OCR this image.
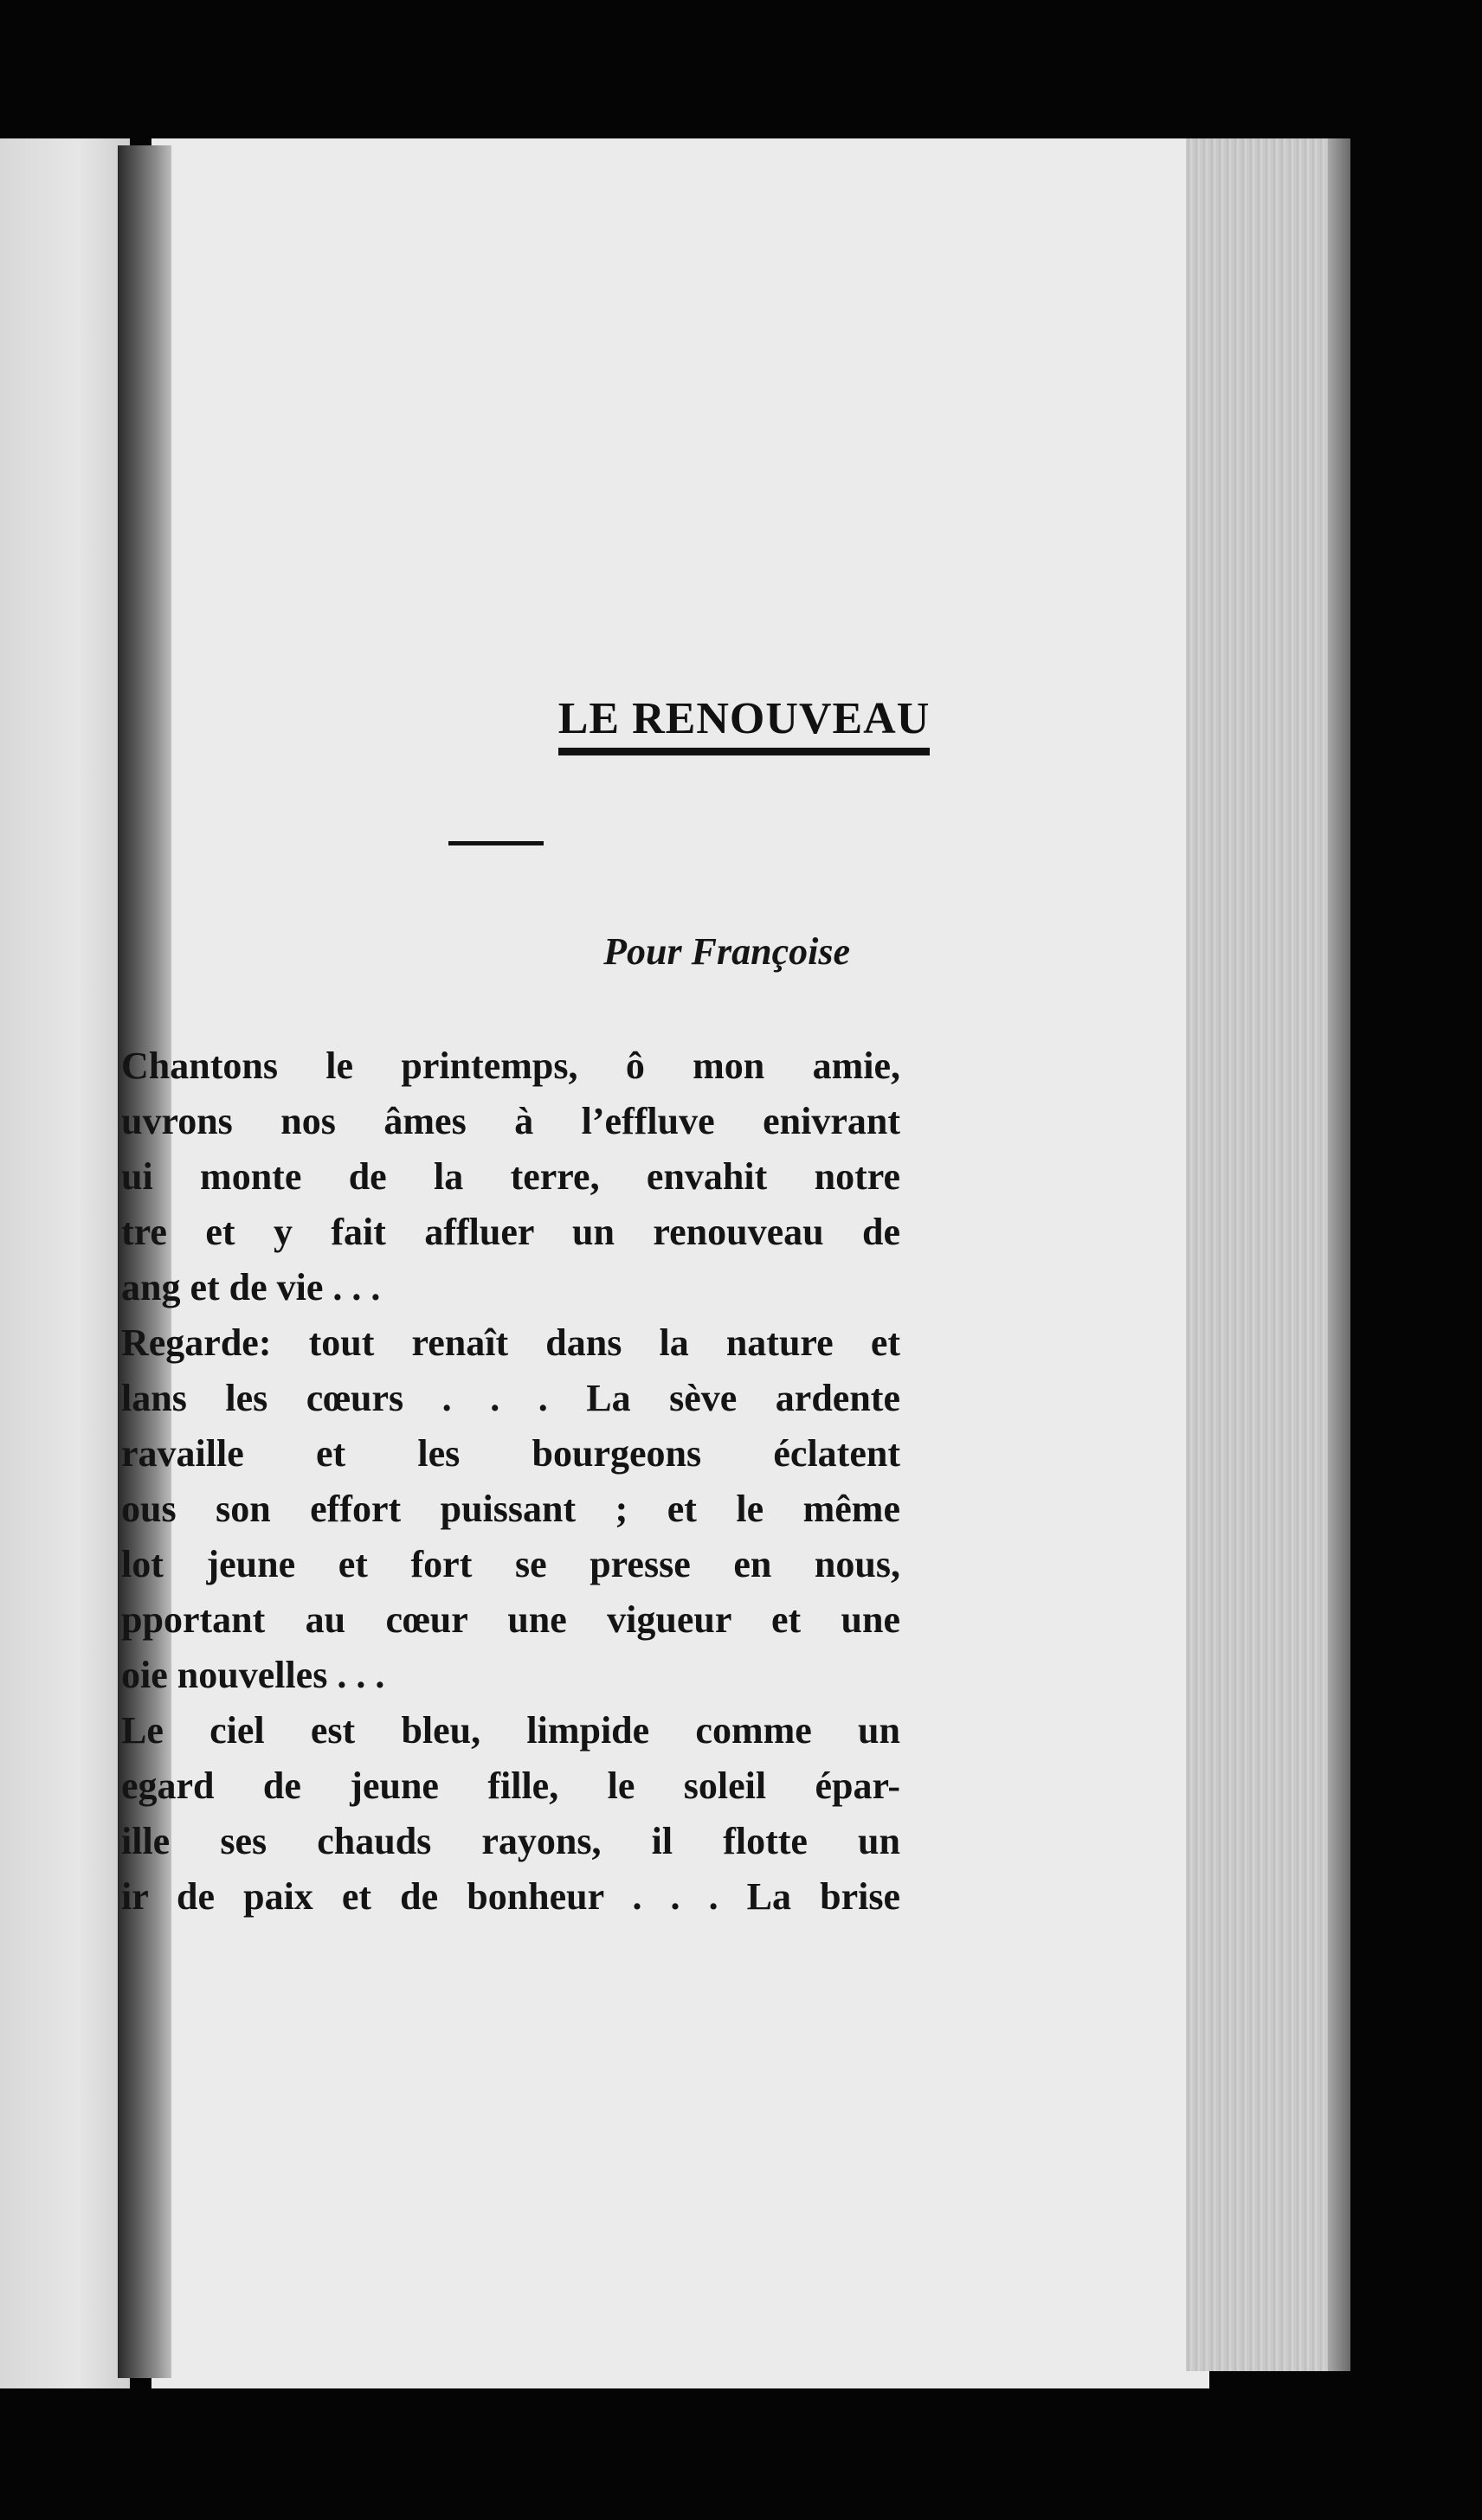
LE RENOUVEAU
Pour Françoise
Chantons le printemps, ô mon amie,
uvrons nos âmes à l’effluve enivrant
ui monte de la terre, envahit notre
tre et y fait affluer un renouveau de
ang et de vie . . .
Regarde: tout renaît dans la nature et
lans les cœurs . . . La sève ardente
ravaille et les bourgeons éclatent
ous son effort puissant ; et le même
lot jeune et fort se presse en nous,
pportant au cœur une vigueur et une
oie nouvelles . . .
Le ciel est bleu, limpide comme un
egard de jeune fille, le soleil épar-
ille ses chauds rayons, il flotte un
ir de paix et de bonheur . . . La brise
